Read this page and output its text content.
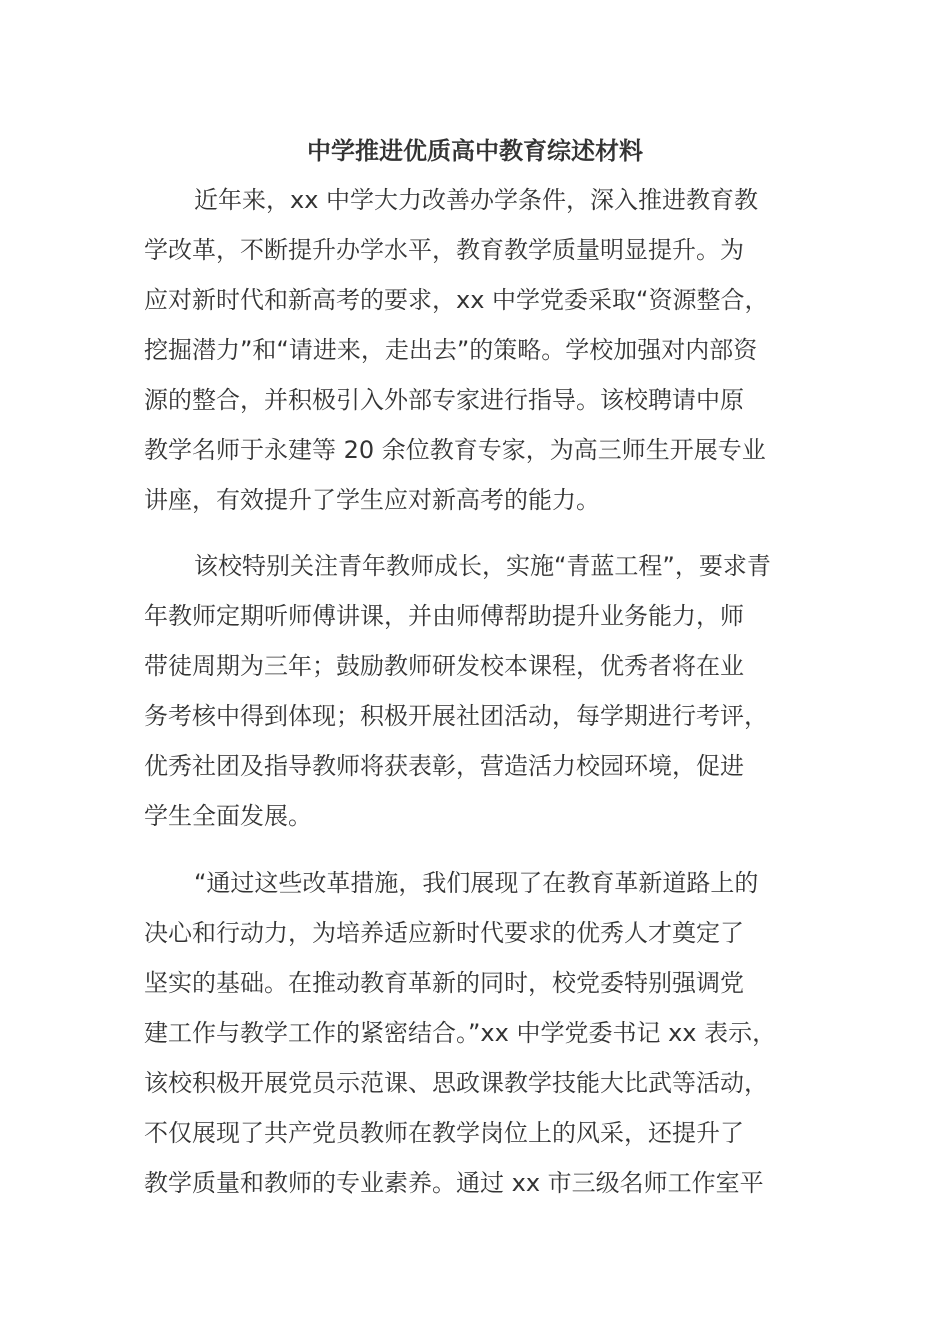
中学推进优质高中教育综述材料
近年来，xx 中学大力改善办学条件，深入推进教育教
学改革，不断提升办学水平，教育教学质量明显提升。为
应对新时代和新高考的要求，xx 中学党委采取“资源整合，
挖掘潜力”和“请进来，走出去”的策略。学校加强对内部资
源的整合，并积极引入外部专家进行指导。该校聘请中原
教学名师于永建等 20 余位教育专家，为高三师生开展专业
讲座，有效提升了学生应对新高考的能力。
该校特别关注青年教师成长，实施“青蓝工程”，要求青
年教师定期听师傅讲课，并由师傅帮助提升业务能力，师
带徒周期为三年；鼓励教师研发校本课程，优秀者将在业
务考核中得到体现；积极开展社团活动，每学期进行考评，
优秀社团及指导教师将获表彰，营造活力校园环境，促进
学生全面发展。
“通过这些改革措施，我们展现了在教育革新道路上的
决心和行动力，为培养适应新时代要求的优秀人才奠定了
坚实的基础。在推动教育革新的同时，校党委特别强调党
建工作与教学工作的紧密结合。”xx 中学党委书记 xx 表示，
该校积极开展党员示范课、思政课教学技能大比武等活动，
不仅展现了共产党员教师在教学岗位上的风采，还提升了
教学质量和教师的专业素养。通过 xx 市三级名师工作室平
